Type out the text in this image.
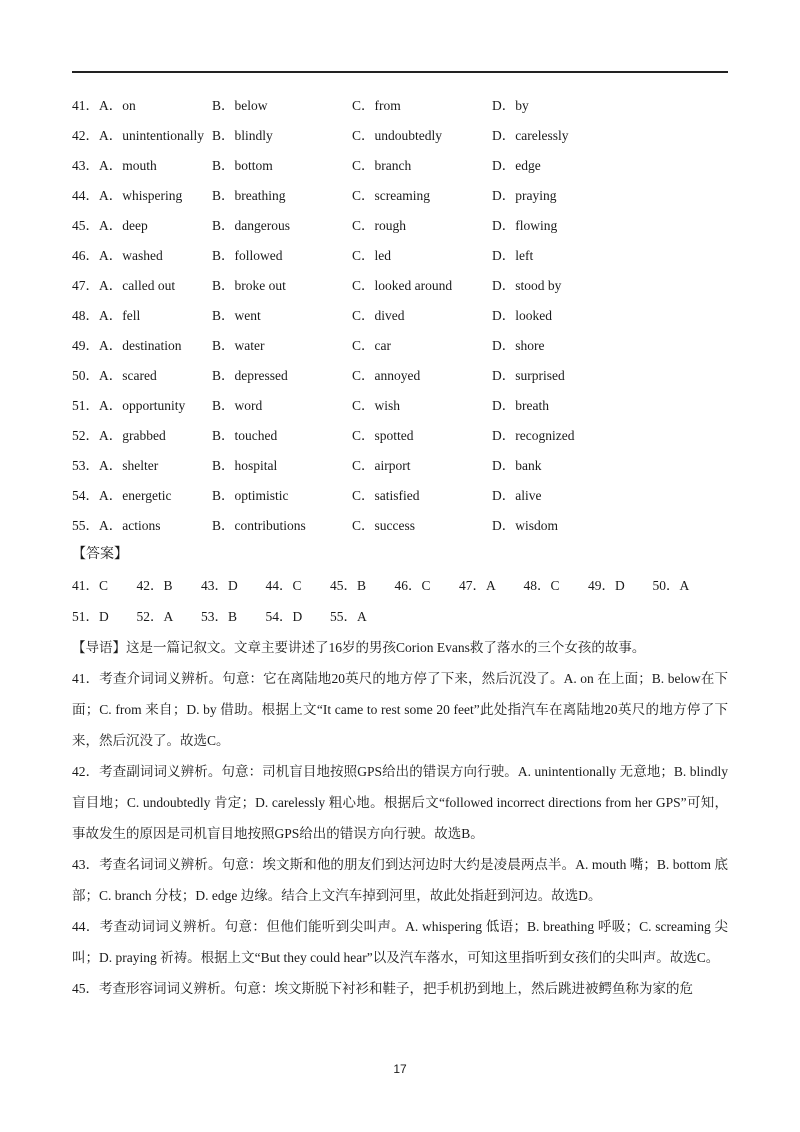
41．A．on	B．below	C．from	D．by
42．A．unintentionally B．blindly	C．undoubtedly	D．carelessly
43．A．mouth	B．bottom	C．branch	D．edge
44．A．whispering B．breathing	C．screaming	D．praying
45．A．deep	B．dangerous	C．rough	D．flowing
46．A．washed	B．followed	C．led	D．left
47．A．called out	B．broke out	C．looked around	D．stood by
48．A．fell	B．went	C．dived	D．looked
49．A．destination B．water	C．car	D．shore
50．A．scared	B．depressed	C．annoyed	D．surprised
51．A．opportunity B．word	C．wish	D．breath
52．A．grabbed	B．touched	C．spotted	D．recognized
53．A．shelter	B．hospital	C．airport	D．bank
54．A．energetic	B．optimistic	C．satisfied	D．alive
55．A．actions	B．contributions	C．success	D．wisdom
【答案】
41．C 42．B 43．D 44．C 45．B 46．C 47．A 48．C 49．D 50．A
51．D 52．A 53．B 54．D 55．A
【导语】这是一篇记叙文。文章主要讲述了16岁的男孩Corion Evans救了落水的三个女孩的故事。
41．考查介词词义辨析。句意：它在离陆地20英尺的地方停了下来，然后沉没了。A. on 在上面；B. below在下面；C. from 来自；D. by 借助。根据上文“It came to rest some 20 feet”此处指汽车在离陆地20英尺的地方停了下来，然后沉没了。故选C。
42．考查副词词义辨析。句意：司机盲目地按照GPS给出的错误方向行驶。A. unintentionally 无意地；B. blindly 盲目地；C. undoubtedly 肯定；D. carelessly 粗心地。根据后文“followed incorrect directions from her GPS”可知，事故发生的原因是司机盲目地按照GPS给出的错误方向行驶。故选B。
43．考查名词词义辨析。句意：埃文斯和他的朋友们到达河边时大约是凌晨两点半。A. mouth 嘴；B. bottom 底部；C. branch 分枝；D. edge 边缘。结合上文汽车掉到河里，故此处指赶到河边。故选D。
44．考查动词词义辨析。句意：但他们能听到尖叫声。A. whispering 低语；B. breathing 呼吸；C. screaming 尖叫；D. praying 祈祷。根据上文“But they could hear”以及汽车落水，可知这里指听到女孩们的尖叫声。故选C。
45．考查形容词词义辨析。句意：埃文斯脱下衬衫和鞋子，把手机扔到地上，然后跳进被鳄鱼称为家的危
17
